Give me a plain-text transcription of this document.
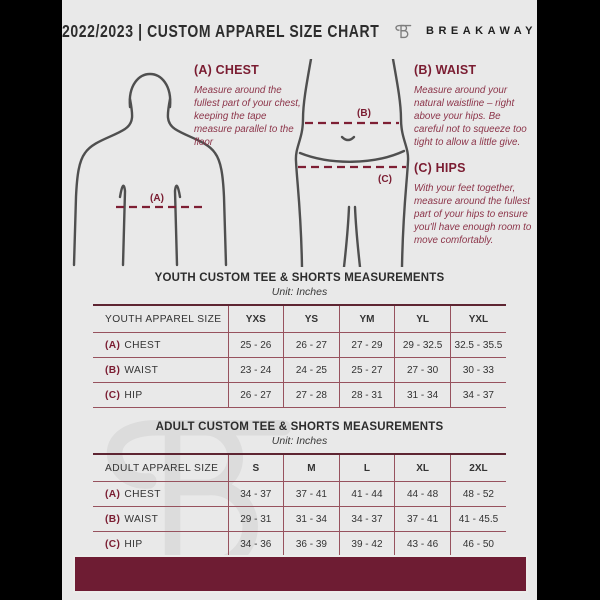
2022/2023 | CUSTOM APPAREL SIZE CHART	BREAKAWAY
(A)
(A) CHEST

Measure around the fullest part of your chest, keeping the tape measure parallel to the floor

(B)
(C)
(B) WAIST

Measure around your natural waistline – right above your hips. Be careful not to squeeze too tight to allow a little give.

(C) HIPS

With your feet together, measure around the fullest part of your hips to ensure you'll have enough room to move comfortably.

YOUTH CUSTOM TEE & SHORTS MEASUREMENTS
Unit: Inches
YOUTH APPAREL SIZE	YXS	YS	YM	YL	YXL
(A) CHEST	25 - 26	26 - 27	27 - 29	29 - 32.5	32.5 - 35.5
(B) WAIST	23 - 24	24 - 25	25 - 27	27 - 30	30 - 33
(C) HIP	26 - 27	27 - 28	28 - 31	31 - 34	34 - 37
ADULT CUSTOM TEE & SHORTS MEASUREMENTS
Unit: Inches
ADULT APPAREL SIZE	S	M	L	XL	2XL
(A) CHEST	34 - 37	37 - 41	41 - 44	44 - 48	48 - 52
(B) WAIST	29 - 31	31 - 34	34 - 37	37 - 41	41 - 45.5
(C) HIP	34 - 36	36 - 39	39 - 42	43 - 46	46 - 50
